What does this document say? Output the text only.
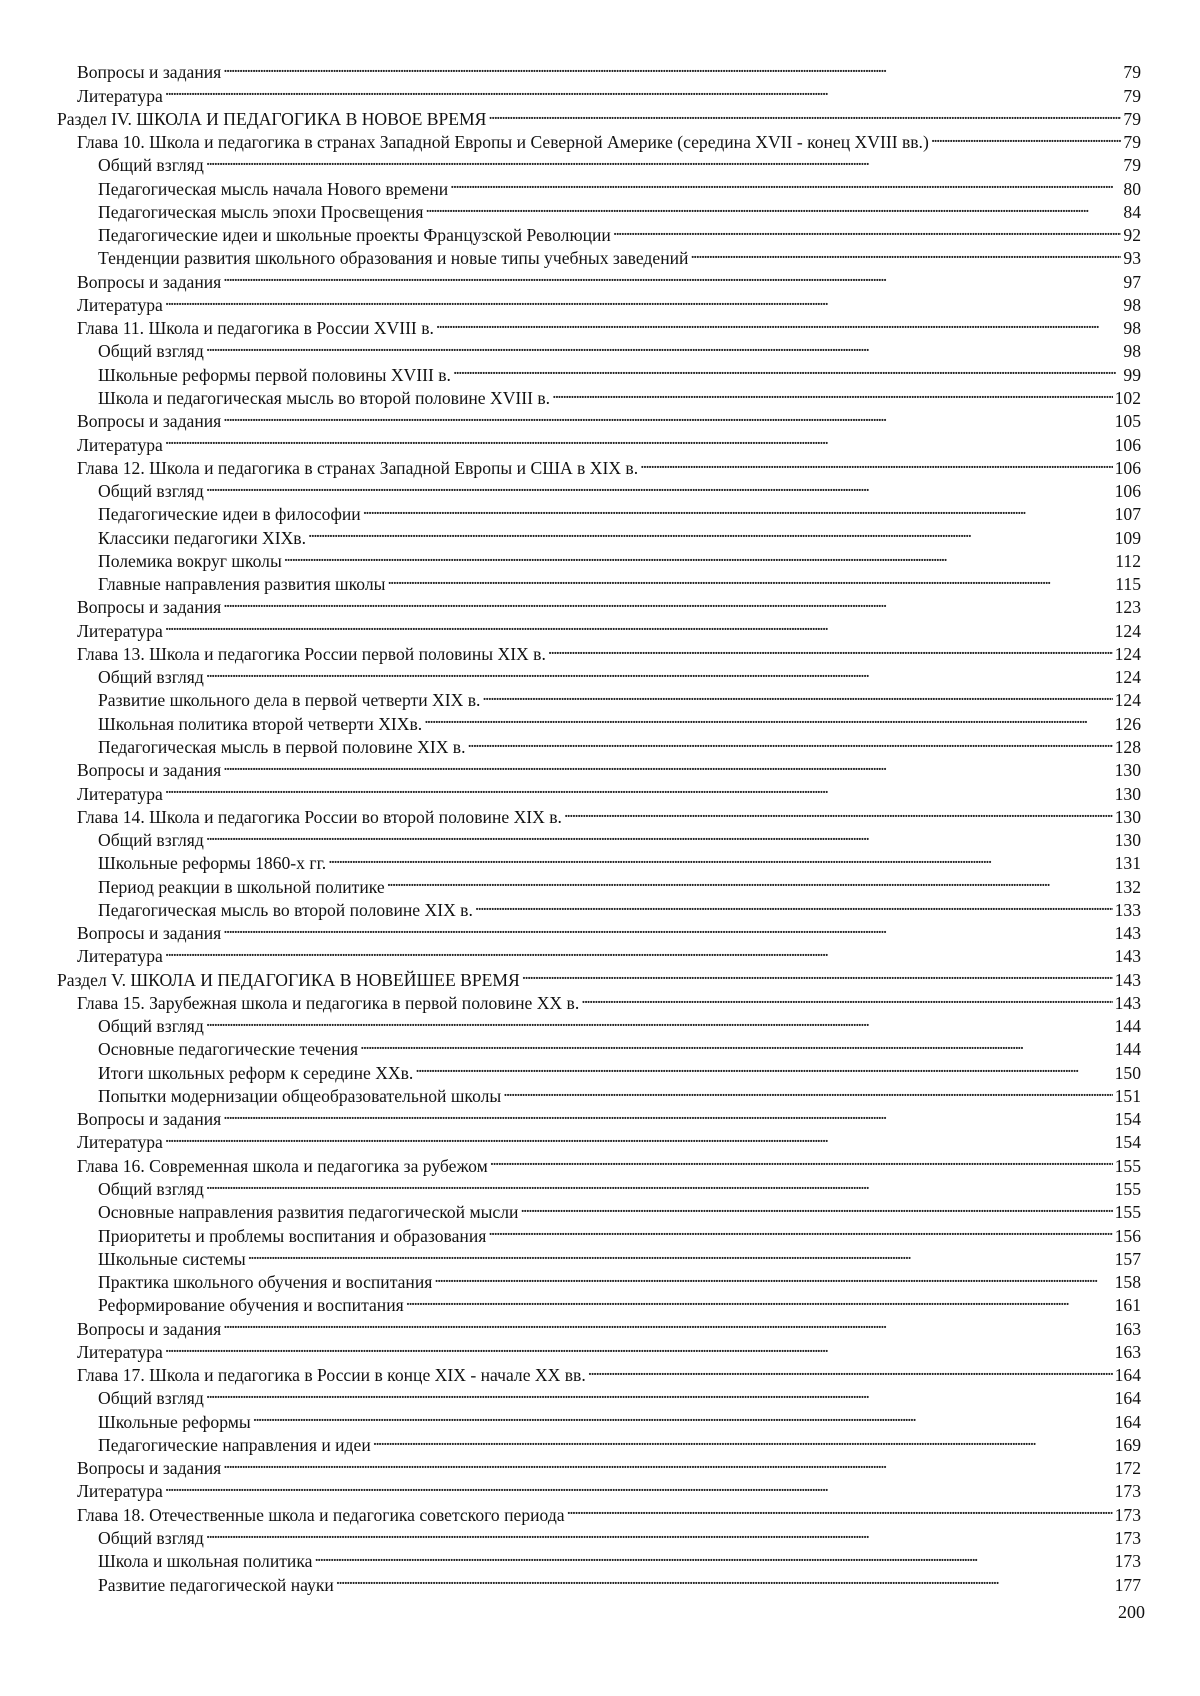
Вопросы и задания . . .	79
Литература . . .	79
Раздел IV. ШКОЛА И ПЕДАГОГИКА В НОВОЕ ВРЕМЯ . . .	79
Глава 10. Школа и педагогика в странах Западной Европы и Северной Америке (середина XVII - конец XVIII вв.) . . .	79
Общий взгляд . . .	79
Педагогическая мысль начала Нового времени . . .	80
Педагогическая мысль эпохи Просвещения . . .	84
Педагогические идеи и школьные проекты Французской Революции . . .	92
Тенденции развития школьного образования и новые типы учебных заведений . . .	93
Вопросы и задания . . .	97
Литература . . .	98
Глава 11. Школа и педагогика в России XVIII в. . . .	98
Общий взгляд . . .	98
Школьные реформы первой половины XVIII в. . . .	99
Школа и педагогическая мысль во второй половине XVIII в. . . .	102
Вопросы и задания . . .	105
Литература . . .	106
Глава 12. Школа и педагогика в странах Западной Европы и США в XIX в. . . .	106
Общий взгляд . . .	106
Педагогические идеи в философии . . .	107
Классики педагогики XIXв. . . .	109
Полемика вокруг школы . . .	112
Главные направления развития школы . . .	115
Вопросы и задания . . .	123
Литература . . .	124
Глава 13. Школа и педагогика России первой половины XIX в. . . .	124
Общий взгляд . . .	124
Развитие школьного дела в первой четверти XIX в. . . .	124
Школьная политика второй четверти XIXв. . . .	126
Педагогическая мысль в первой половине XIX в. . . .	128
Вопросы и задания . . .	130
Литература . . .	130
Глава 14. Школа и педагогика России во второй половине XIX в. . . .	130
Общий взгляд . . .	130
Школьные реформы 1860-х гг. . . .	131
Период реакции в школьной политике . . .	132
Педагогическая мысль во второй половине XIX в. . . .	133
Вопросы и задания . . .	143
Литература . . .	143
Раздел V. ШКОЛА И ПЕДАГОГИКА В НОВЕЙШЕЕ ВРЕМЯ . . .	143
Глава 15. Зарубежная школа и педагогика в первой половине XX в. . . .	143
Общий взгляд . . .	144
Основные педагогические течения . . .	144
Итоги школьных реформ к середине XXв. . . .	150
Попытки модернизации общеобразовательной школы . . .	151
Вопросы и задания . . .	154
Литература . . .	154
Глава 16. Современная школа и педагогика за рубежом . . .	155
Общий взгляд . . .	155
Основные направления развития педагогической мысли . . .	155
Приоритеты и проблемы воспитания и образования . . .	156
Школьные системы . . .	157
Практика школьного обучения и воспитания . . .	158
Реформирование обучения и воспитания . . .	161
Вопросы и задания . . .	163
Литература . . .	163
Глава 17. Школа и педагогика в России в конце XIX - начале XX вв. . . .	164
Общий взгляд . . .	164
Школьные реформы . . .	164
Педагогические направления и идеи . . .	169
Вопросы и задания . . .	172
Литература . . .	173
Глава 18. Отечественные школа и педагогика советского периода . . .	173
Общий взгляд . . .	173
Школа и школьная политика . . .	173
Развитие педагогической науки . . .	177
200
